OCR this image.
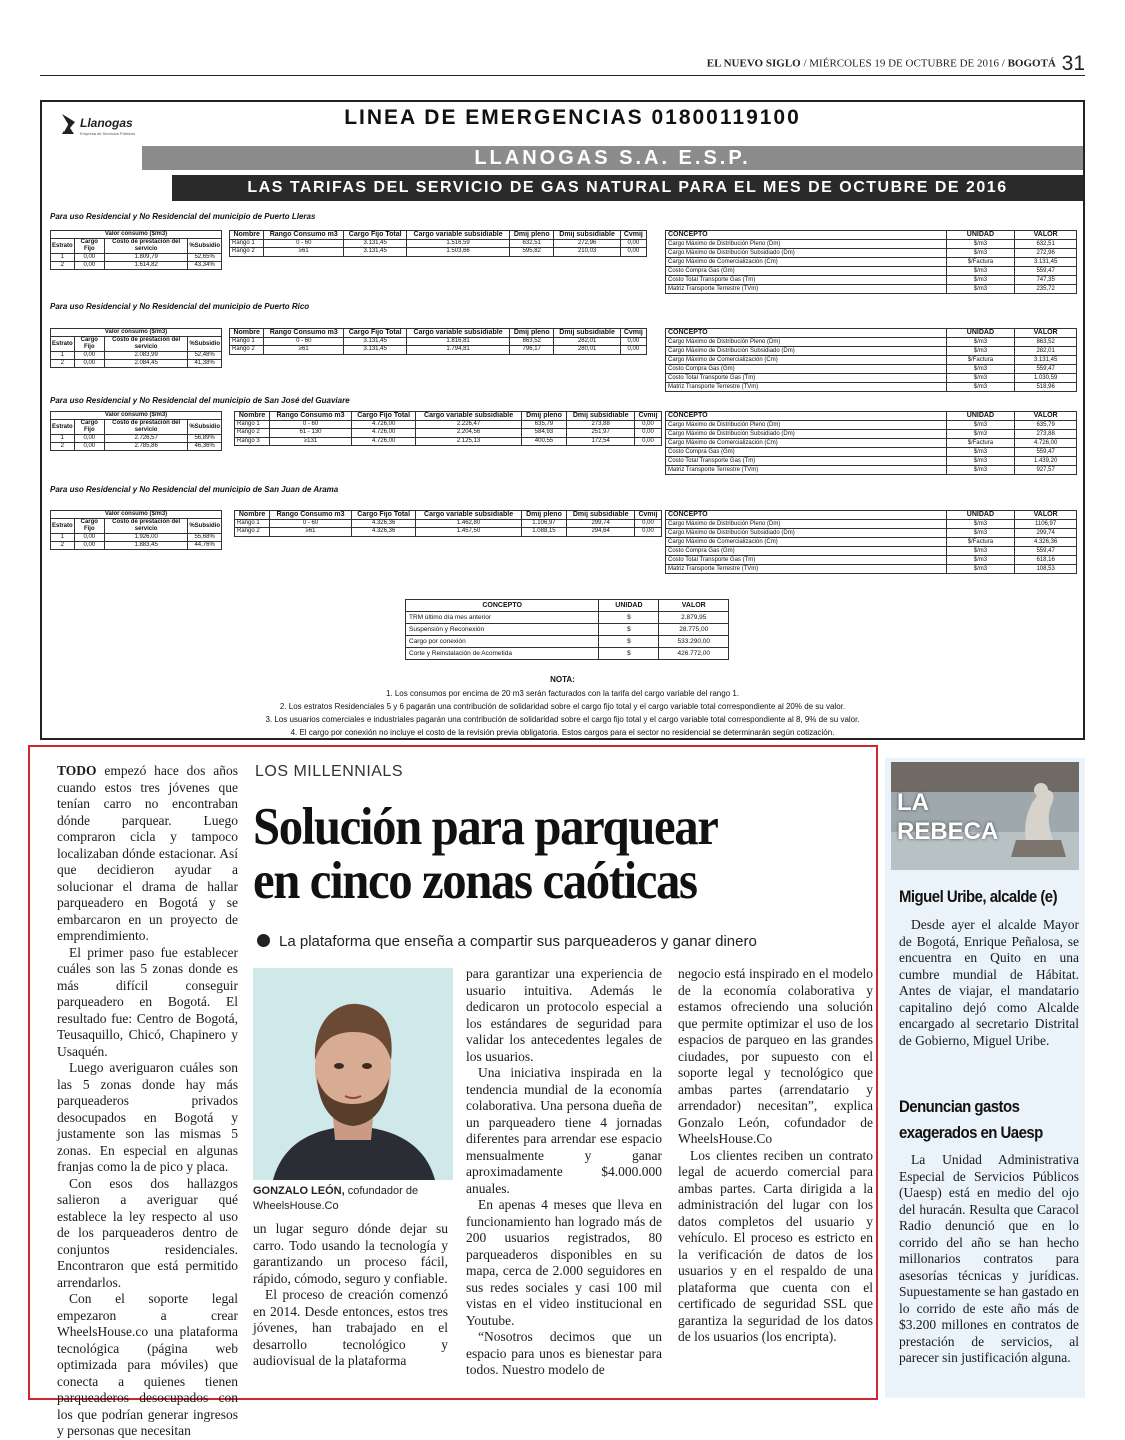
EL NUEVO SIGLO / MIÉRCOLES 19 DE OCTUBRE DE 2016 / BOGOTÁ 31
Llanogas
Empresa de Servicios Públicos
LINEA DE EMERGENCIAS 01800119100
LLANOGAS S.A. E.S.P.
LAS TARIFAS DEL SERVICIO DE GAS NATURAL PARA EL MES DE OCTUBRE DE 2016
Para uso Residencial y No Residencial del municipio de Puerto Lleras
Valor consumo ($/m3)			
Estrato	Cargo Fijo	Costo de prestación del servicio	%Subsidio
1	0,00	1.809,79	52,65%
2	0,00	1.614,82	43,34%
Nombre	Rango Consumo m3	Cargo Fijo Total	Cargo variable subsidiable	Dmij pleno	Dmij subsidiable	Cvmij
Rango 1	0 - 60	3.131,45	1.516,59	632,51	272,96	0,00
Rango 2	≥61	3.131,45	1.503,66	595,82	210,03	0,00
CONCEPTO	UNIDAD	VALOR
Cargo Máximo de Distribución Pleno (Dm)	$/m3	632,51
Cargo Máximo de Distribución Subsidiado (Dm)	$/m3	272,96
Cargo Máximo de Comercialización (Cm)	$/Factura	3.131,45
Costo Compra Gas (Gm)	$/m3	559,47
Costo Total Transporte Gas (Tm)	$/m3	747,35
Matriz Transporte Terrestre (TVm)	$/m3	235,72
Para uso Residencial y No Residencial del municipio de Puerto Rico
Valor consumo ($/m3)			
Estrato	Cargo Fijo	Costo de prestación del servicio	%Subsidio
1	0,00	2.083,99	52,48%
2	0,00	2.084,45	41,38%
Nombre	Rango Consumo m3	Cargo Fijo Total	Cargo variable subsidiable	Dmij pleno	Dmij subsidiable	Cvmij
Rango 1	0 - 60	3.131,45	1.816,81	863,52	282,01	0,00
Rango 2	≥61	3.131,45	1.794,81	796,17	280,01	0,00
CONCEPTO	UNIDAD	VALOR
Cargo Máximo de Distribución Pleno (Dm)	$/m3	863,52
Cargo Máximo de Distribución Subsidiado (Dm)	$/m3	282,01
Cargo Máximo de Comercialización (Cm)	$/Factura	3.131,45
Costo Compra Gas (Gm)	$/m3	559,47
Costo Total Transporte Gas (Tm)	$/m3	1.030,59
Matriz Transporte Terrestre (TVm)	$/m3	518,96
Para uso Residencial y No Residencial del municipio de San José del Guaviare
Valor consumo ($/m3)			
Estrato	Cargo Fijo	Costo de prestación del servicio	%Subsidio
1	0,00	2.726,57	56,89%
2	0,00	2.785,86	46,36%
Nombre	Rango Consumo m3	Cargo Fijo Total	Cargo variable subsidiable	Dmij pleno	Dmij subsidiable	Cvmij
Rango 1	0 - 60	4.726,00	2.226,47	635,79	273,88	0,00
Rango 2	61 - 130	4.726,00	2.204,56	584,93	251,97	0,00
Rango 3	≥131	4.726,00	2.125,13	400,55	172,54	0,00
CONCEPTO	UNIDAD	VALOR
Cargo Máximo de Distribución Pleno (Dm)	$/m3	635,79
Cargo Máximo de Distribución Subsidiado (Dm)	$/m3	273,88
Cargo Máximo de Comercialización (Cm)	$/Factura	4.726,00
Costo Compra Gas (Gm)	$/m3	559,47
Costo Total Transporte Gas (Tm)	$/m3	1.439,20
Matriz Transporte Terrestre (TVm)	$/m3	927,57
Para uso Residencial y No Residencial del municipio de San Juan de Arama
Valor consumo ($/m3)			
Estrato	Cargo Fijo	Costo de prestación del servicio	%Subsidio
1	0,00	1.926,00	55,68%
2	0,00	1.883,45	44,76%
Nombre	Rango Consumo m3	Cargo Fijo Total	Cargo variable subsidiable	Dmij pleno	Dmij subsidiable	Cvmij
Rango 1	0 - 60	4.326,36	1.462,80	1.106,97	299,74	0,00
Rango 2	≥61	4.326,36	1.457,50	1.088,15	294,64	0,00
CONCEPTO	UNIDAD	VALOR
Cargo Máximo de Distribución Pleno (Dm)	$/m3	1106,97
Cargo Máximo de Distribución Subsidiado (Dm)	$/m3	299,74
Cargo Máximo de Comercialización (Cm)	$/Factura	4.326,36
Costo Compra Gas (Gm)	$/m3	559,47
Costo Total Transporte Gas (Tm)	$/m3	618,16
Matriz Transporte Terrestre (TVm)	$/m3	108,53
CONCEPTO	UNIDAD	VALOR
TRM último día mes anterior	$	2.879,95
Suspensión y Reconexión	$	28.775,00
Cargo por conexión	$	533.290,00
Corte y Reinstalación de Acometida	$	426.772,00
NOTA:
1. Los consumos por encima de 20 m3 serán facturados con la tarifa del cargo variable del rango 1.
2. Los estratos Residenciales 5 y 6 pagarán una contribución de solidaridad sobre el cargo fijo total y el cargo variable total correspondiente al 20% de su valor.
3. Los usuarios comerciales e industriales pagarán una contribución de solidaridad sobre el cargo fijo total y el cargo variable total correspondiente al 8, 9% de su valor.
4. El cargo por conexión no incluye el costo de la revisión previa obligatoria. Estos cargos para el sector no residencial se determinarán según cotización.
LOS MILLENNIALS
Solución para parquear
en cinco zonas caóticas
La plataforma que enseña a compartir sus parqueaderos y ganar dinero

TODO empezó hace dos años cuando estos tres jóvenes que tenían carro no encontraban dónde parquear. Luego compraron cicla y tampoco localizaban dónde estacionar. Así que decidieron ayudar a solucionar el drama de hallar parqueadero en Bogotá y se embarcaron en un proyecto de emprendimiento.

El primer paso fue establecer cuáles son las 5 zonas donde es más difícil conseguir parqueadero en Bogotá. El resultado fue: Centro de Bogotá, Teusaquillo, Chicó, Chapinero y Usaquén.

Luego averiguaron cuáles son las 5 zonas donde hay más parqueaderos privados desocupados en Bogotá y justamente son las mismas 5 zonas. En especial en algunas franjas como la de pico y placa.

Con esos dos hallazgos salieron a averiguar qué establece la ley respecto al uso de los parqueaderos dentro de conjuntos residenciales. Encontraron que está permitido arrendarlos.

Con el soporte legal empezaron a crear WheelsHouse.co una plataforma tecnológica (página web optimizada para móviles) que conecta a quienes tienen parqueaderos desocupados con los que podrían generar ingresos y personas que necesitan

GONZALO LEÓN, cofundador de WheelsHouse.Co

un lugar seguro dónde dejar su carro. Todo usando la tecnología y garantizando un proceso fácil, rápido, cómodo, seguro y confiable.

El proceso de creación comenzó en 2014. Desde entonces, estos tres jóvenes, han trabajado en el desarrollo tecnológico y audiovisual de la plataforma

para garantizar una experiencia de usuario intuitiva. Además le dedicaron un protocolo especial a los estándares de seguridad para validar los antecedentes legales de los usuarios.

Una iniciativa inspirada en la tendencia mundial de la economía colaborativa. Una persona dueña de un parqueadero tiene 4 jornadas diferentes para arrendar ese espacio mensualmente y ganar aproximadamente $4.000.000 anuales.

En apenas 4 meses que lleva en funcionamiento han logrado más de 200 usuarios registrados, 80 parqueaderos disponibles en su mapa, cerca de 2.000 seguidores en sus redes sociales y casi 100 mil vistas en el video institucional en Youtube.

“Nosotros decimos que un espacio para unos es bienestar para todos. Nuestro modelo de

negocio está inspirado en el modelo de la economía colaborativa y estamos ofreciendo una solución que permite optimizar el uso de los espacios de parqueo en las grandes ciudades, por supuesto con el soporte legal y tecnológico que ambas partes (arrendatario y arrendador) necesitan”, explica Gonzalo León, cofundador de WheelsHouse.Co

Los clientes reciben un contrato legal de acuerdo comercial para ambas partes. Carta dirigida a la administración del lugar con los datos completos del usuario y vehículo. El proceso es estricto en la verificación de datos de los usuarios y en el respaldo de una plataforma que cuenta con el certificado de seguridad SSL que garantiza la seguridad de los datos de los usuarios (los encripta).

LA
REBECA
Miguel Uribe, alcalde (e)

Desde ayer el alcalde Mayor de Bogotá, Enrique Peñalosa, se encuentra en Quito en una cumbre mundial de Hábitat. Antes de viajar, el mandatario capitalino dejó como Alcalde encargado al secretario Distrital de Gobierno, Miguel Uribe.

Denuncian gastos
exagerados en Uaesp

La Unidad Administrativa Especial de Servicios Públicos (Uaesp) está en medio del ojo del huracán. Resulta que Caracol Radio denunció que en lo corrido del año se han hecho millonarios contratos para asesorías técnicas y jurídicas. Supuestamente se han gastado en lo corrido de este año más de $3.200 millones en contratos de prestación de servicios, al parecer sin justificación alguna.
